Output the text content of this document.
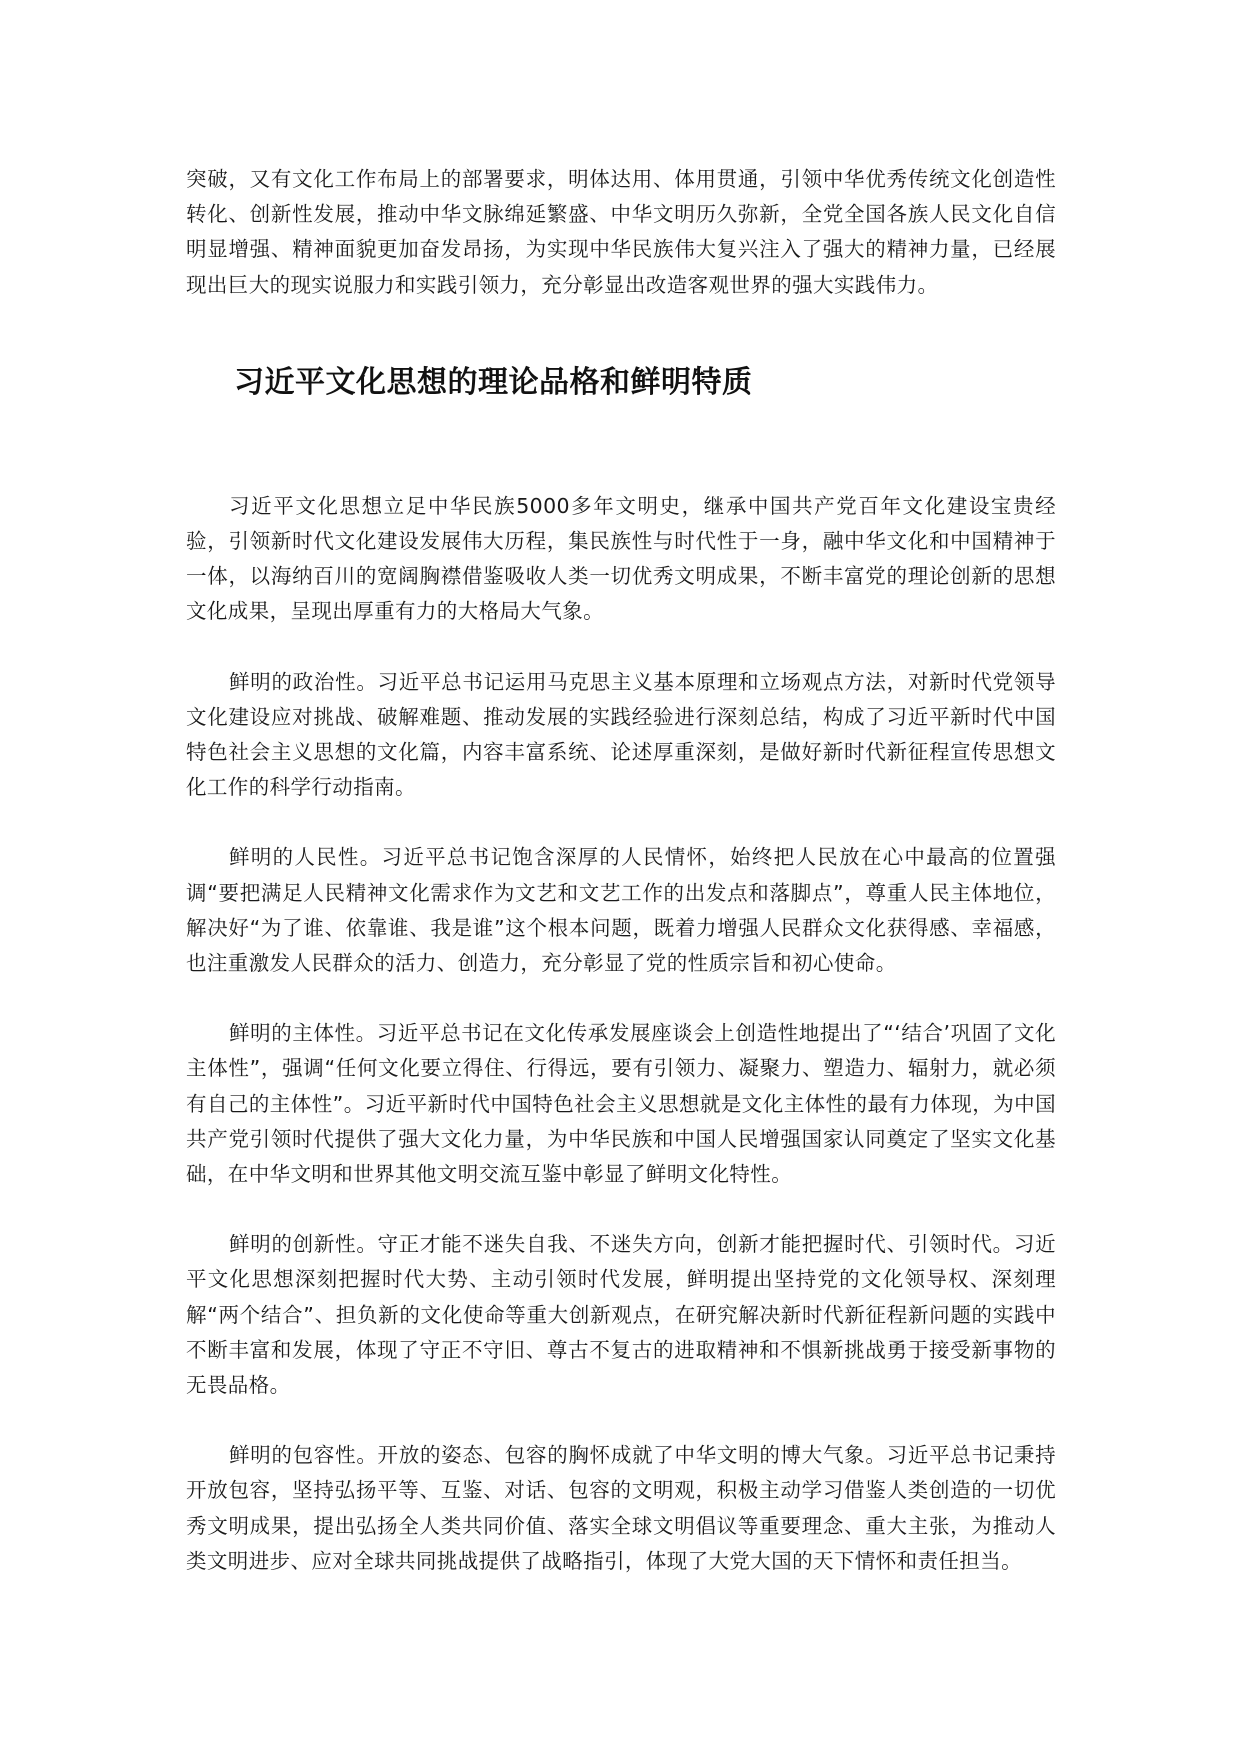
突破，又有文化工作布局上的部署要求，明体达用、体用贯通，引领中华优秀传统文化创造性转化、创新性发展，推动中华文脉绵延繁盛、中华文明历久弥新，全党全国各族人民文化自信明显增强、精神面貌更加奋发昂扬，为实现中华民族伟大复兴注入了强大的精神力量，已经展现出巨大的现实说服力和实践引领力，充分彰显出改造客观世界的强大实践伟力。

习近平文化思想的理论品格和鲜明特质

习近平文化思想立足中华民族5000多年文明史，继承中国共产党百年文化建设宝贵经验，引领新时代文化建设发展伟大历程，集民族性与时代性于一身，融中华文化和中国精神于一体，以海纳百川的宽阔胸襟借鉴吸收人类一切优秀文明成果，不断丰富党的理论创新的思想文化成果，呈现出厚重有力的大格局大气象。

鲜明的政治性。习近平总书记运用马克思主义基本原理和立场观点方法，对新时代党领导文化建设应对挑战、破解难题、推动发展的实践经验进行深刻总结，构成了习近平新时代中国特色社会主义思想的文化篇，内容丰富系统、论述厚重深刻，是做好新时代新征程宣传思想文化工作的科学行动指南。

鲜明的人民性。习近平总书记饱含深厚的人民情怀，始终把人民放在心中最高的位置强调“要把满足人民精神文化需求作为文艺和文艺工作的出发点和落脚点”，尊重人民主体地位，解决好“为了谁、依靠谁、我是谁”这个根本问题，既着力增强人民群众文化获得感、幸福感，也注重激发人民群众的活力、创造力，充分彰显了党的性质宗旨和初心使命。

鲜明的主体性。习近平总书记在文化传承发展座谈会上创造性地提出了“‘结合’巩固了文化主体性”，强调“任何文化要立得住、行得远，要有引领力、凝聚力、塑造力、辐射力，就必须有自己的主体性”。习近平新时代中国特色社会主义思想就是文化主体性的最有力体现，为中国共产党引领时代提供了强大文化力量，为中华民族和中国人民增强国家认同奠定了坚实文化基础，在中华文明和世界其他文明交流互鉴中彰显了鲜明文化特性。

鲜明的创新性。守正才能不迷失自我、不迷失方向，创新才能把握时代、引领时代。习近平文化思想深刻把握时代大势、主动引领时代发展，鲜明提出坚持党的文化领导权、深刻理解“两个结合”、担负新的文化使命等重大创新观点，在研究解决新时代新征程新问题的实践中不断丰富和发展，体现了守正不守旧、尊古不复古的进取精神和不惧新挑战勇于接受新事物的无畏品格。

鲜明的包容性。开放的姿态、包容的胸怀成就了中华文明的博大气象。习近平总书记秉持开放包容，坚持弘扬平等、互鉴、对话、包容的文明观，积极主动学习借鉴人类创造的一切优秀文明成果，提出弘扬全人类共同价值、落实全球文明倡议等重要理念、重大主张，为推动人类文明进步、应对全球共同挑战提供了战略指引，体现了大党大国的天下情怀和责任担当。
